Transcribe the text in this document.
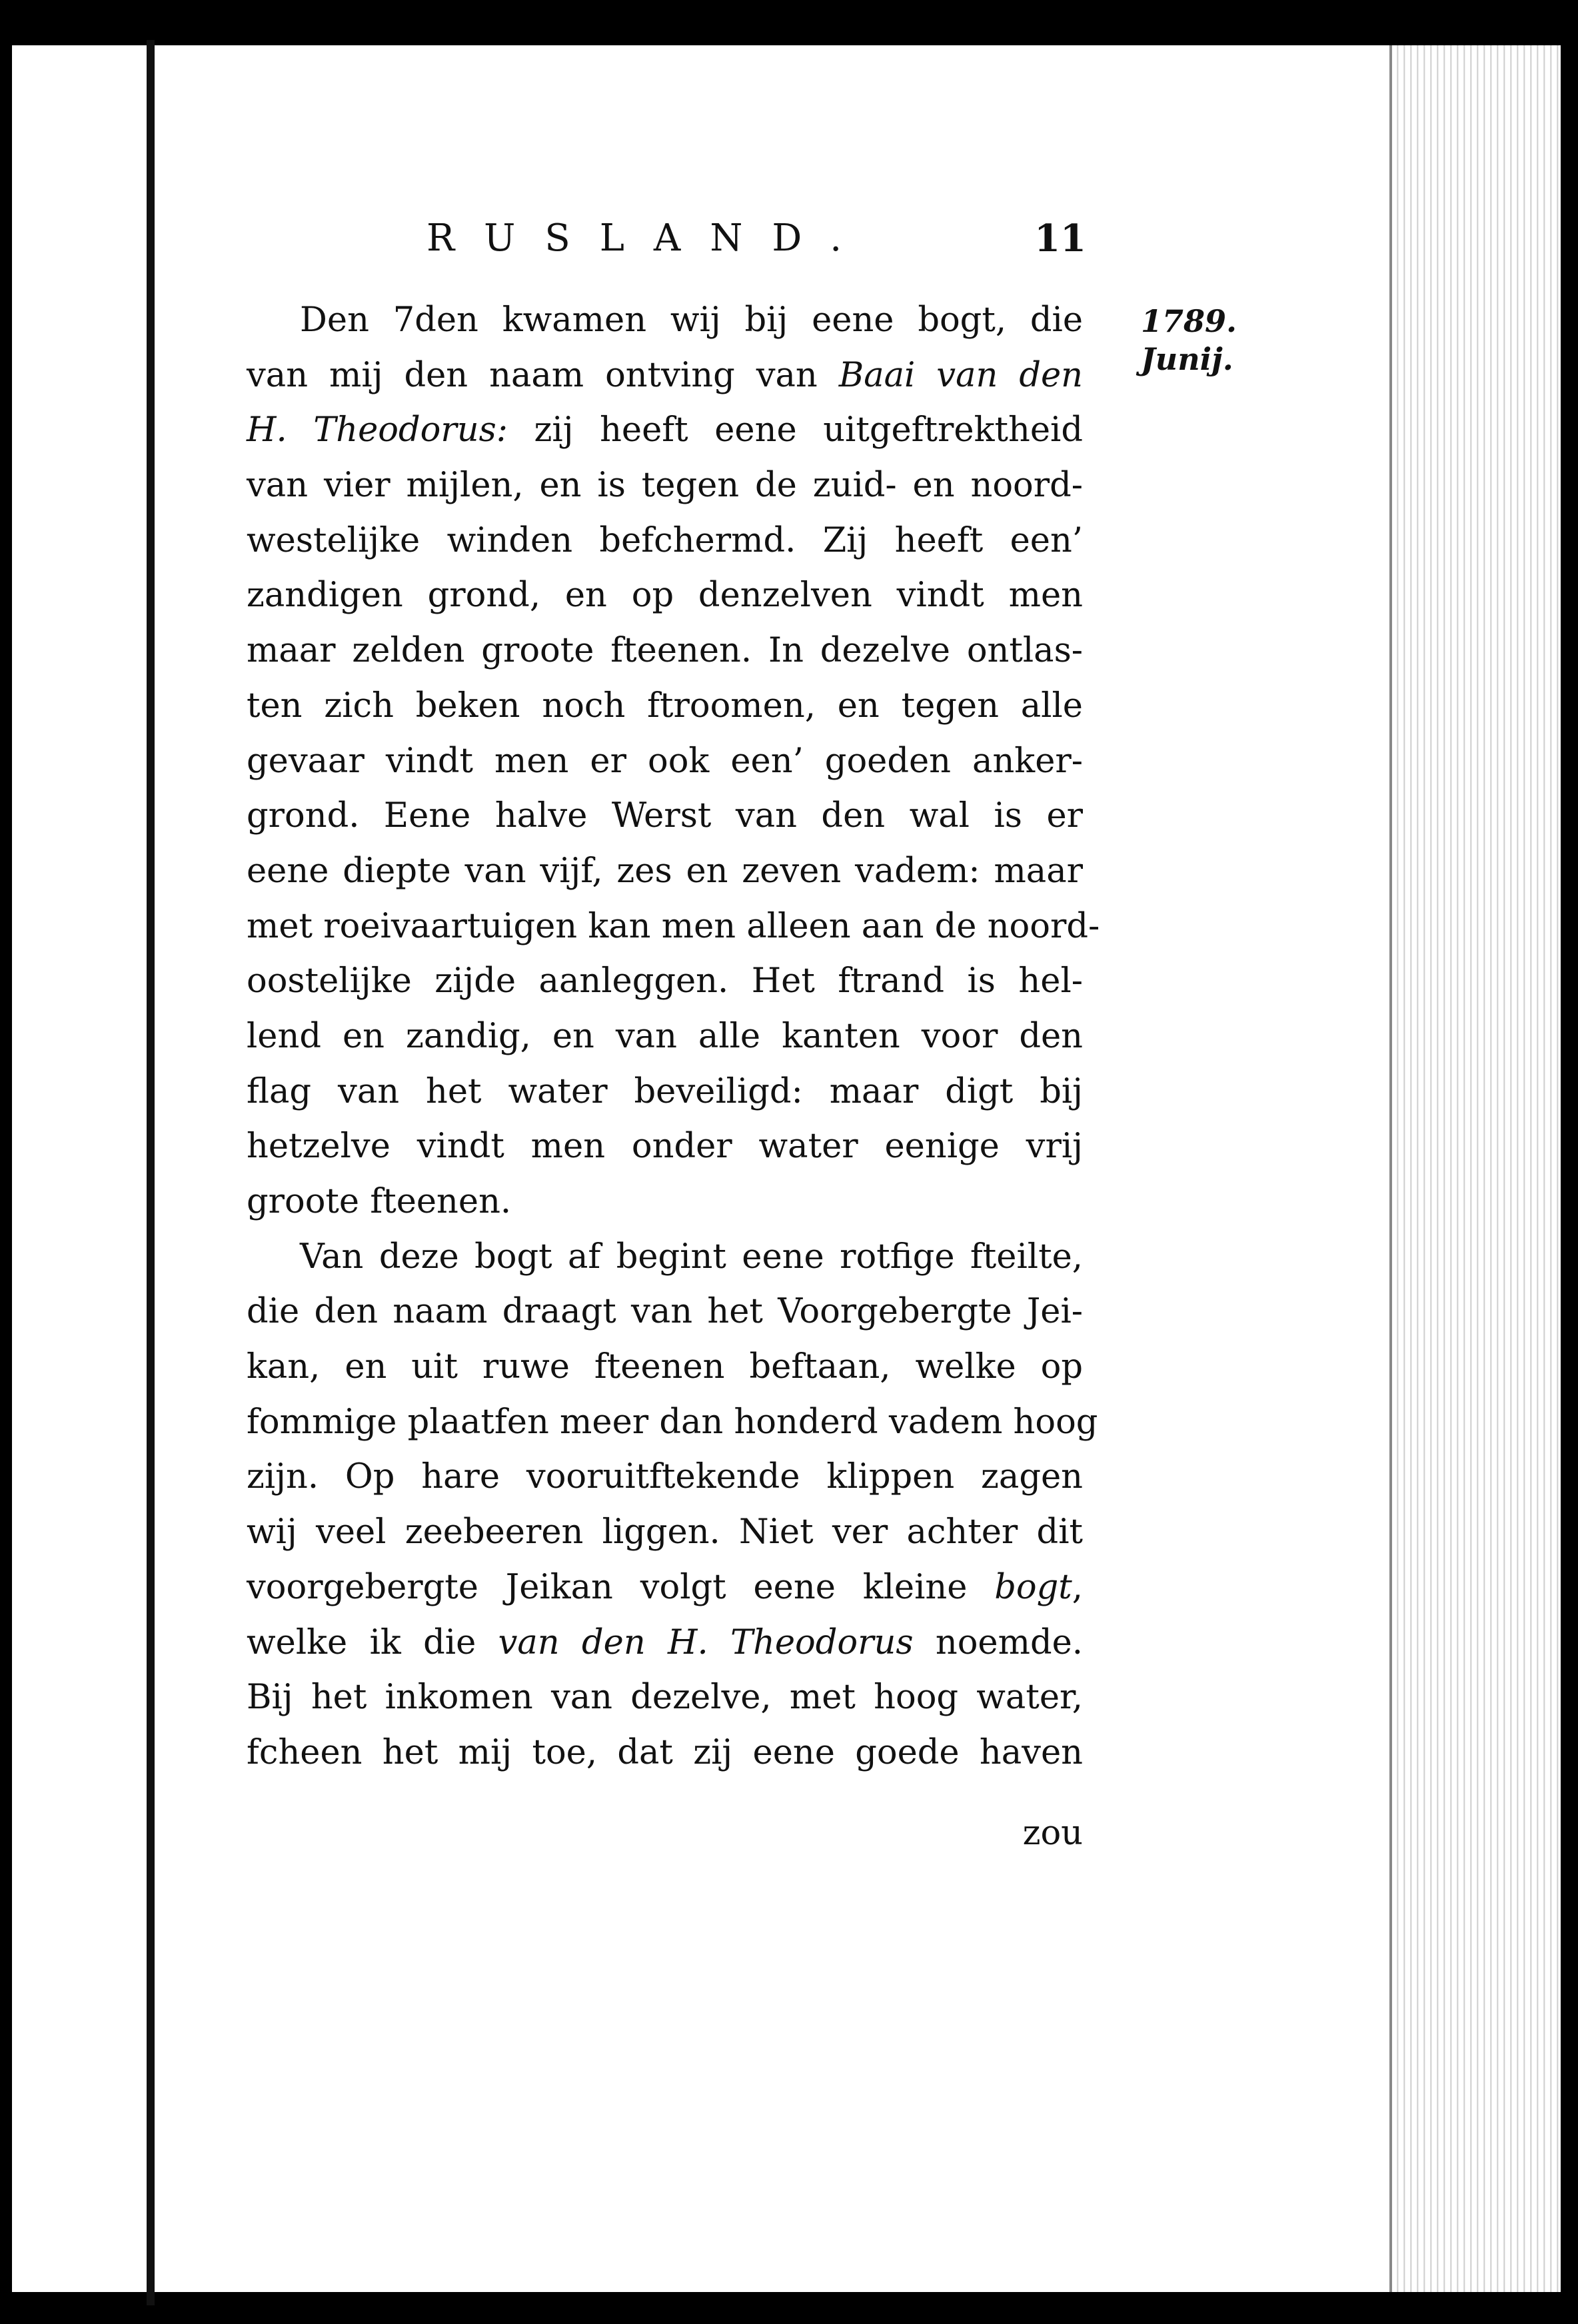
RUSLAND.	11
1789.
Junij.
Den 7den kwamen wij bij eene bogt, die
van mij den naam ontving van Baai van den
H. Theodorus: zij heeft eene uitgeftrektheid
van vier mijlen, en is tegen de zuid- en noord-
westelijke winden befchermd. Zij heeft een’
zandigen grond, en op denzelven vindt men
maar zelden groote fteenen. In dezelve ontlas-
ten zich beken noch ftroomen, en tegen alle
gevaar vindt men er ook een’ goeden anker-
grond. Eene halve Werst van den wal is er
eene diepte van vijf, zes en zeven vadem: maar
met roeivaartuigen kan men alleen aan de noord-
oostelijke zijde aanleggen. Het ftrand is hel-
lend en zandig, en van alle kanten voor den
flag van het water beveiligd: maar digt bij
hetzelve vindt men onder water eenige vrij
groote fteenen.
Van deze bogt af begint eene rotfige fteilte,
die den naam draagt van het Voorgebergte Jei-
kan, en uit ruwe fteenen beftaan, welke op
fommige plaatfen meer dan honderd vadem hoog
zijn. Op hare vooruitftekende klippen zagen
wij veel zeebeeren liggen. Niet ver achter dit
voorgebergte Jeikan volgt eene kleine bogt,
welke ik die van den H. Theodorus noemde.
Bij het inkomen van dezelve, met hoog water,
fcheen het mij toe, dat zij eene goede haven
zou
